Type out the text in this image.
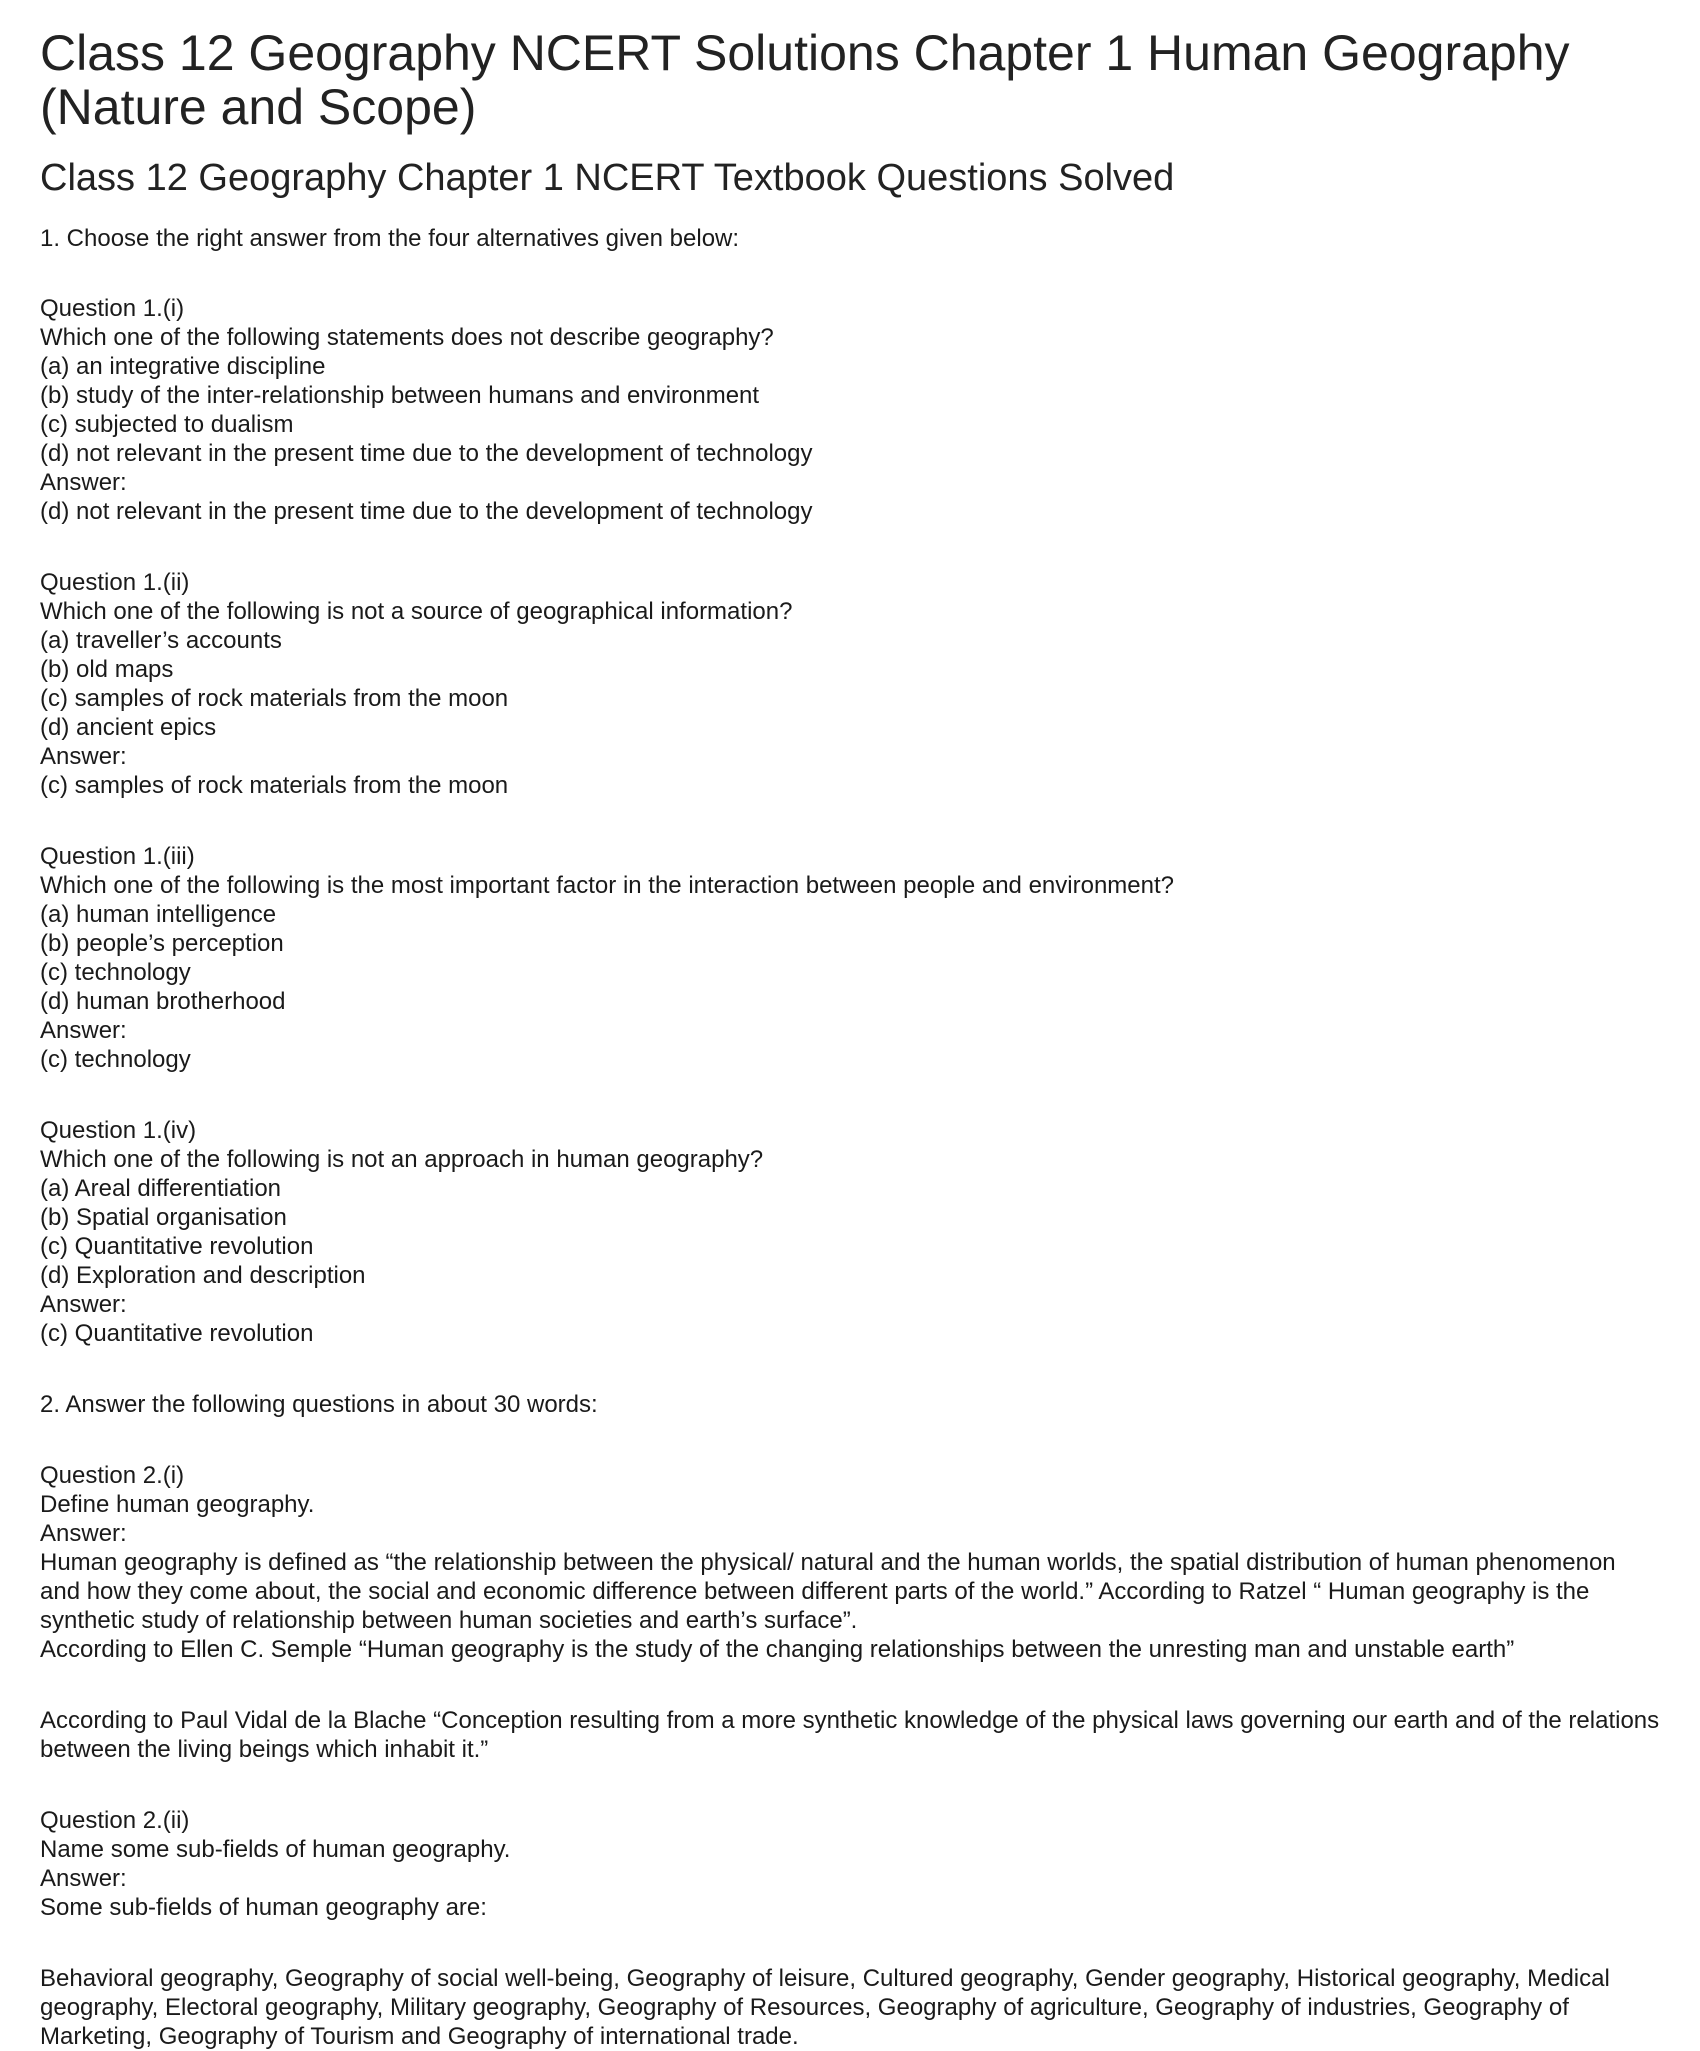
Class 12 Geography NCERT Solutions Chapter 1 Human Geography (Nature and Scope)
Class 12 Geography Chapter 1 NCERT Textbook Questions Solved
1. Choose the right answer from the four alternatives given below:
Question 1.(i)
Which one of the following statements does not describe geography?
(a) an integrative discipline
(b) study of the inter-relationship between humans and environment
(c) subjected to dualism
(d) not relevant in the present time due to the development of technology
Answer:
(d) not relevant in the present time due to the development of technology
Question 1.(ii)
Which one of the following is not a source of geographical information?
(a) traveller’s accounts
(b) old maps
(c) samples of rock materials from the moon
(d) ancient epics
Answer:
(c) samples of rock materials from the moon
Question 1.(iii)
Which one of the following is the most important factor in the interaction between people and environment?
(a) human intelligence
(b) people’s perception
(c) technology
(d) human brotherhood
Answer:
(c) technology
Question 1.(iv)
Which one of the following is not an approach in human geography?
(a) Areal differentiation
(b) Spatial organisation
(c) Quantitative revolution
(d) Exploration and description
Answer:
(c) Quantitative revolution
2. Answer the following questions in about 30 words:
Question 2.(i)
Define human geography.
Answer:
Human geography is defined as “the relationship between the physical/ natural and the human worlds, the spatial distribution of human phenomenon and how they come about, the social and economic difference between different parts of the world.” According to Ratzel “ Human geography is the synthetic study of relationship between human societies and earth’s surface”.
According to Ellen C. Semple “Human geography is the study of the changing relationships between the unresting man and unstable earth”
According to Paul Vidal de la Blache “Conception resulting from a more synthetic knowledge of the physical laws governing our earth and of the relations between the living beings which inhabit it.”
Question 2.(ii)
Name some sub-fields of human geography.
Answer:
Some sub-fields of human geography are:
Behavioral geography, Geography of social well-being, Geography of leisure, Cultured geography, Gender geography, Historical geography, Medical geography, Electoral geography, Military geography, Geography of Resources, Geography of agriculture, Geography of industries, Geography of Marketing, Geography of Tourism and Geography of international trade.
